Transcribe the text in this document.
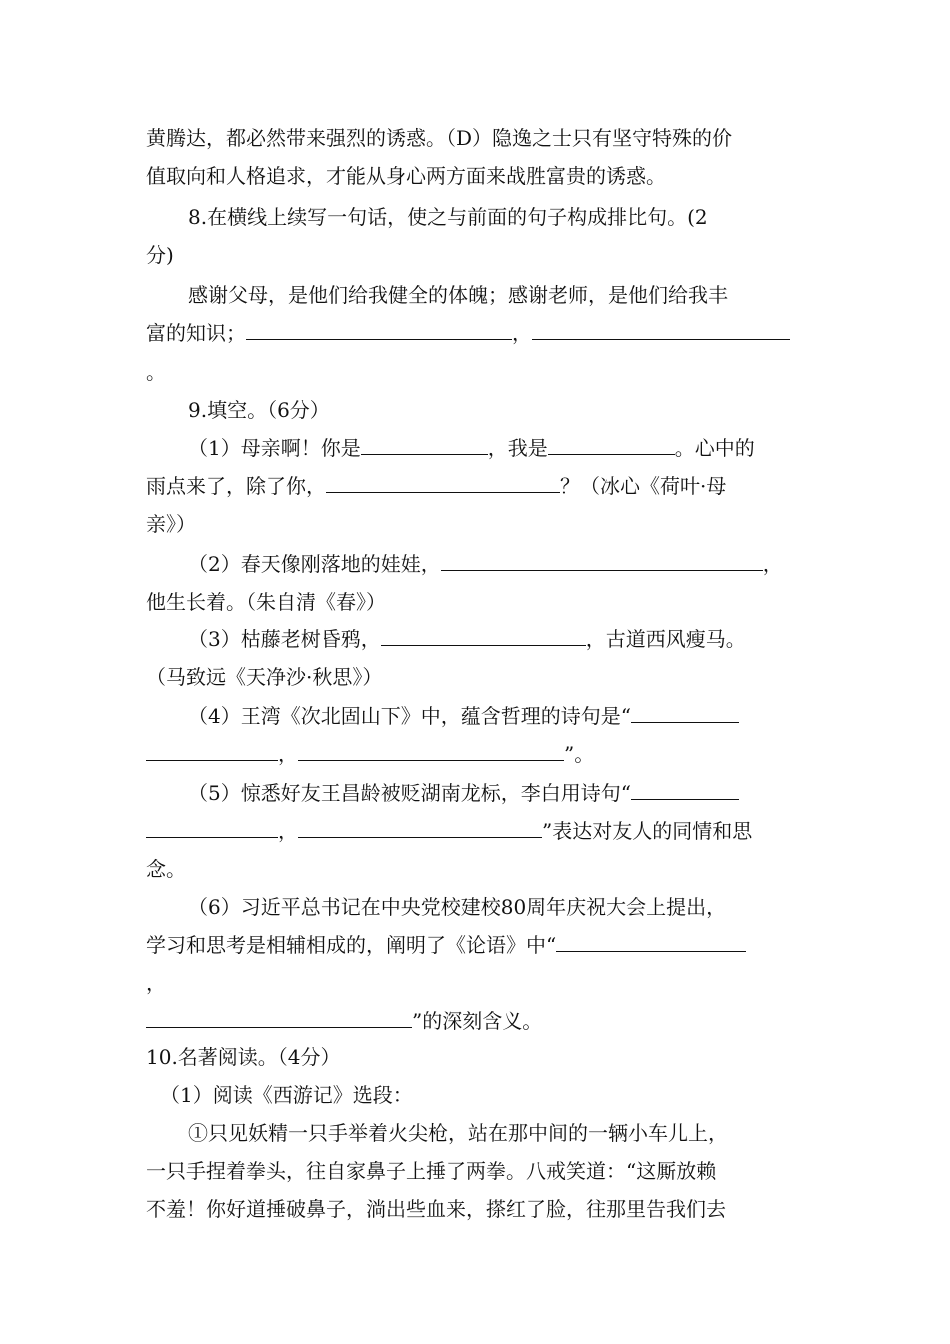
黄腾达，都必然带来强烈的诱惑。（D）隐逸之士只有坚守特殊的价
值取向和人格追求，才能从身心两方面来战胜富贵的诱惑。
8.在横线上续写一句话，使之与前面的句子构成排比句。(2
分)
感谢父母，是他们给我健全的体魄；感谢老师，是他们给我丰
富的知识；	，
。
9.填空。（6分）
（1）母亲啊！你是	，我是	。心中的
雨点来了，除了你，	？（冰心《荷叶·母
亲》）
（2）春天像刚落地的娃娃，	，
他生长着。（朱自清《春》）
（3）枯藤老树昏鸦，	，古道西风瘦马。
（马致远《天净沙·秋思》）
（4）王湾《次北固山下》中，蕴含哲理的诗句是“
，	”。
（5）惊悉好友王昌龄被贬湖南龙标，李白用诗句“
，	”表达对友人的同情和思
念。
（6）习近平总书记在中央党校建校80周年庆祝大会上提出，
学习和思考是相辅相成的，阐明了《论语》中“
，
”的深刻含义。
10.名著阅读。（4分）
（1）阅读《西游记》选段：
①只见妖精一只手举着火尖枪，站在那中间的一辆小车儿上，
一只手捏着拳头，往自家鼻子上捶了两拳。八戒笑道：“这厮放赖
不羞！你好道捶破鼻子，淌出些血来，搽红了脸，往那里告我们去
